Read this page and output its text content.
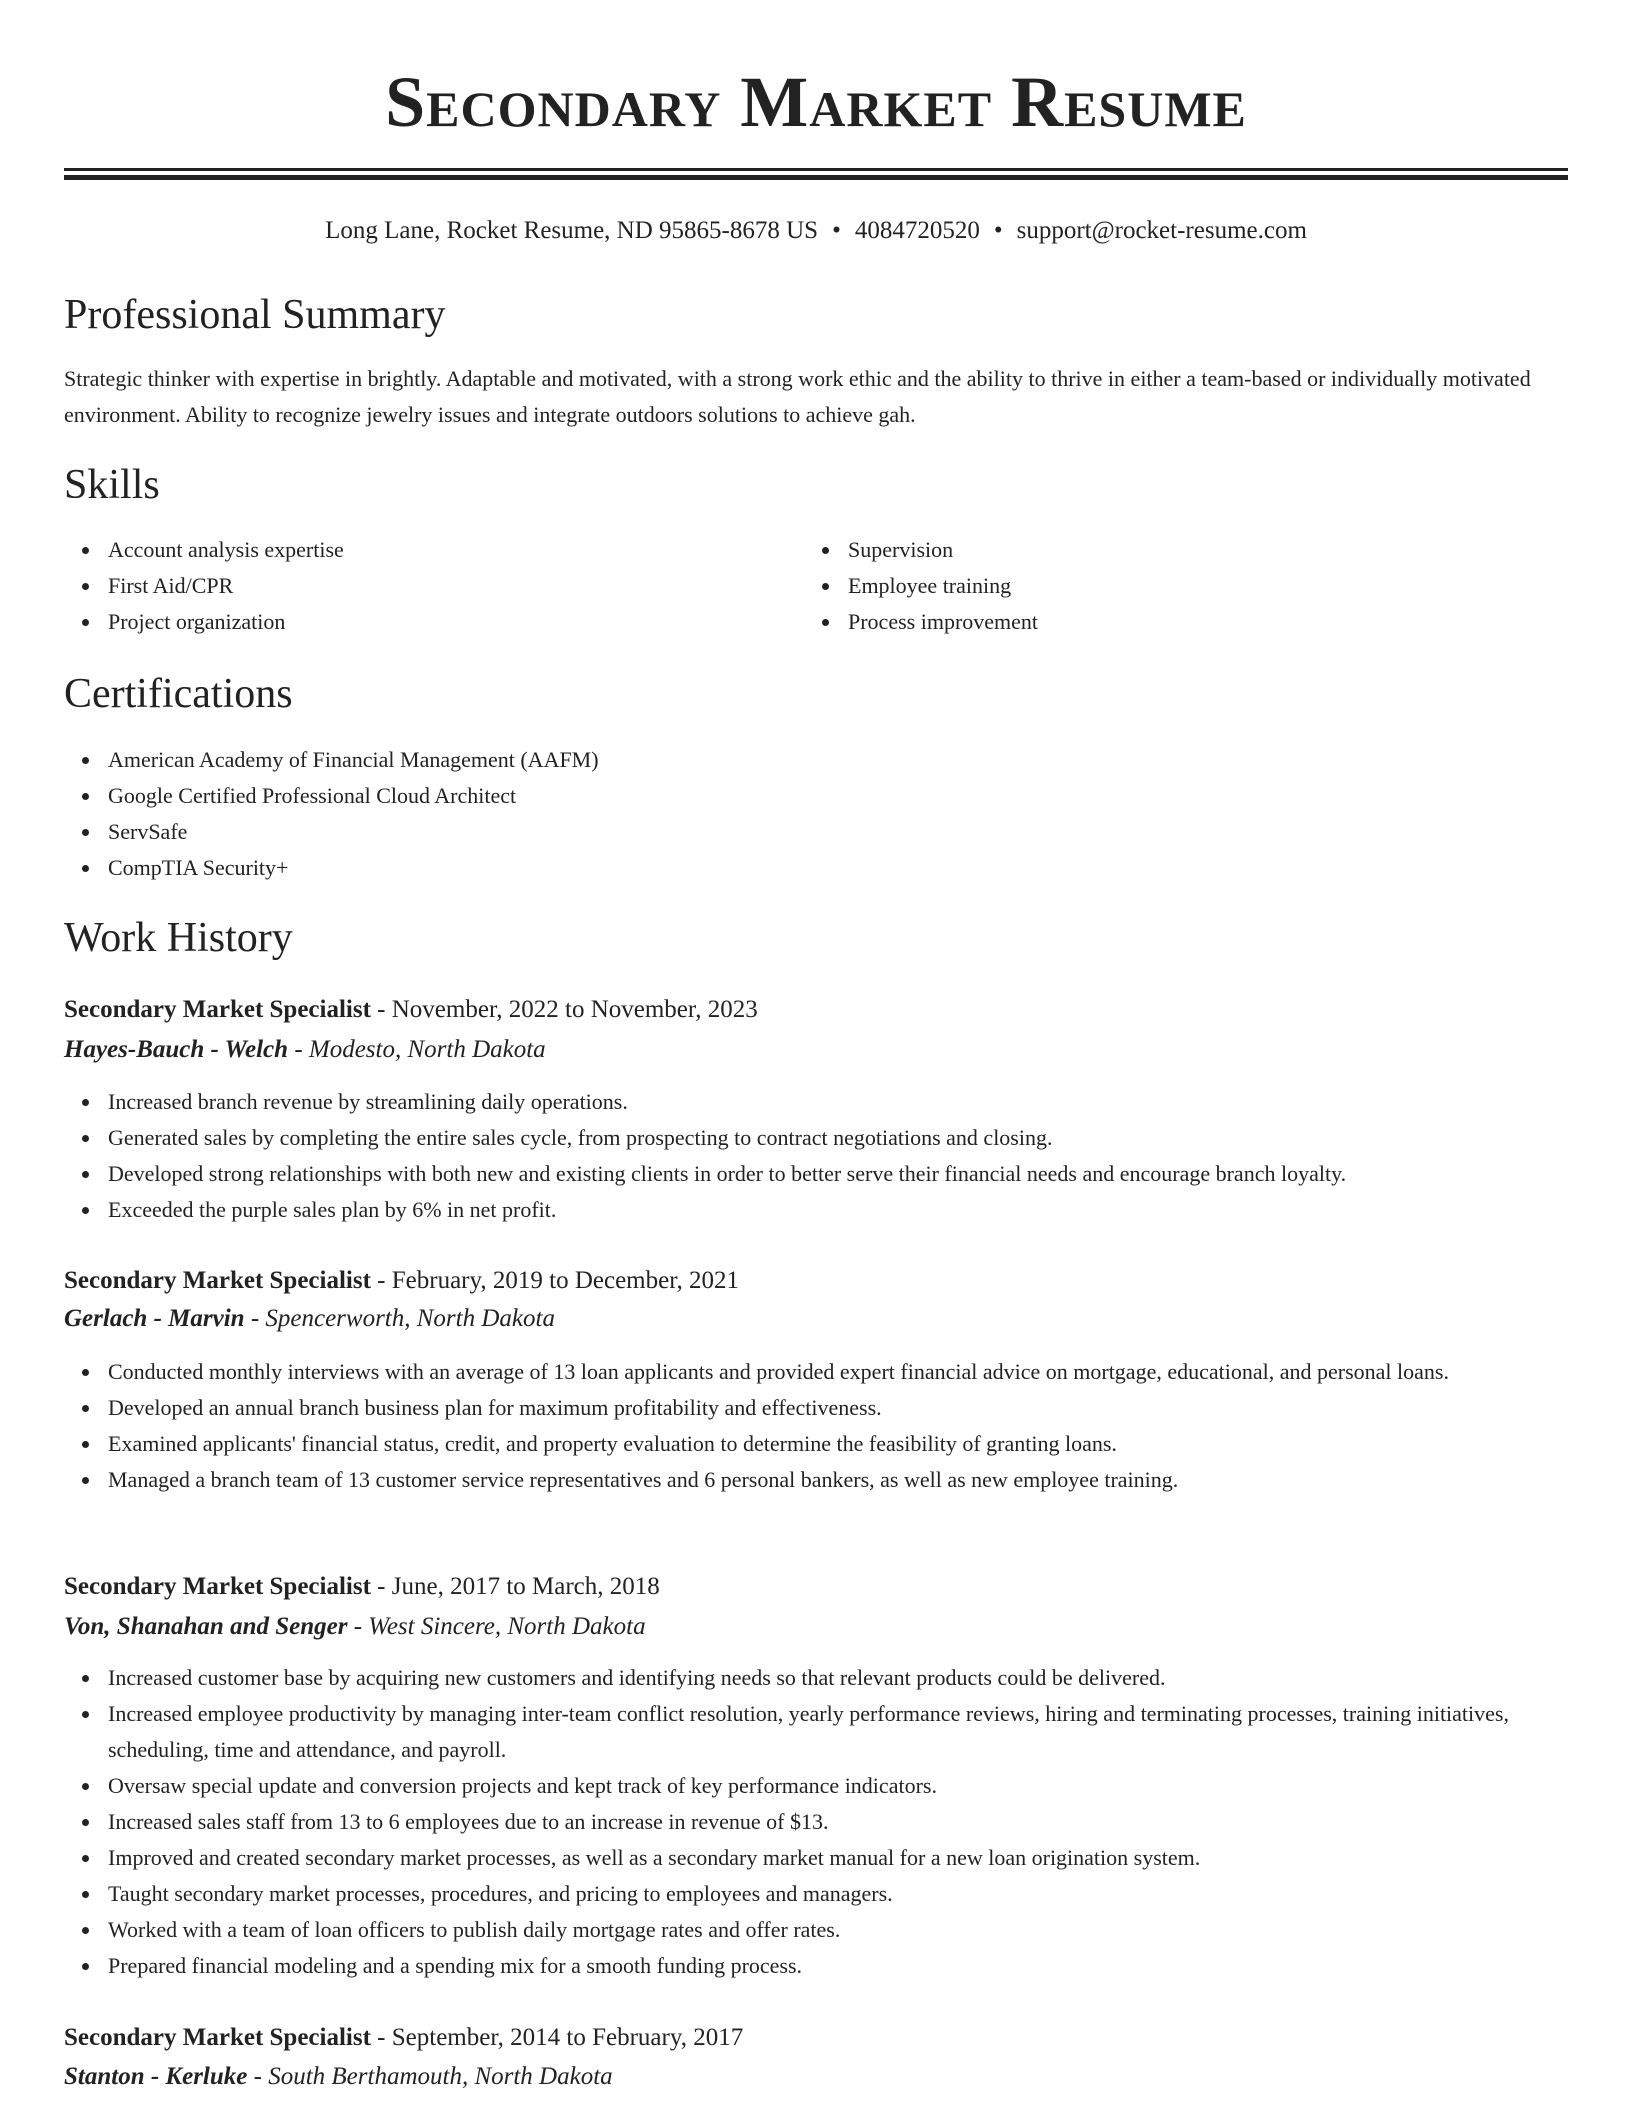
Secondary Market Resume
Long Lane, Rocket Resume, ND 95865-8678 US • 4084720520 • support@rocket-resume.com
Professional Summary

Strategic thinker with expertise in brightly. Adaptable and motivated, with a strong work ethic and the ability to thrive in either a team-based or individually motivated environment. Ability to recognize jewelry issues and integrate outdoors solutions to achieve gah.

Skills
Account analysis expertise
First Aid/CPR
Project organization
Supervision
Employee training
Process improvement
Certifications
American Academy of Financial Management (AAFM)
Google Certified Professional Cloud Architect
ServSafe
CompTIA Security+
Work History
Secondary Market Specialist - November, 2022 to November, 2023
Hayes-Bauch - Welch - Modesto, North Dakota
Increased branch revenue by streamlining daily operations.
Generated sales by completing the entire sales cycle, from prospecting to contract negotiations and closing.
Developed strong relationships with both new and existing clients in order to better serve their financial needs and encourage branch loyalty.
Exceeded the purple sales plan by 6% in net profit.
Secondary Market Specialist - February, 2019 to December, 2021
Gerlach - Marvin - Spencerworth, North Dakota
Conducted monthly interviews with an average of 13 loan applicants and provided expert financial advice on mortgage, educational, and personal loans.
Developed an annual branch business plan for maximum profitability and effectiveness.
Examined applicants' financial status, credit, and property evaluation to determine the feasibility of granting loans.
Managed a branch team of 13 customer service representatives and 6 personal bankers, as well as new employee training.
Secondary Market Specialist - June, 2017 to March, 2018
Von, Shanahan and Senger - West Sincere, North Dakota
Increased customer base by acquiring new customers and identifying needs so that relevant products could be delivered.
Increased employee productivity by managing inter-team conflict resolution, yearly performance reviews, hiring and terminating processes, training initiatives, scheduling, time and attendance, and payroll.
Oversaw special update and conversion projects and kept track of key performance indicators.
Increased sales staff from 13 to 6 employees due to an increase in revenue of $13.
Improved and created secondary market processes, as well as a secondary market manual for a new loan origination system.
Taught secondary market processes, procedures, and pricing to employees and managers.
Worked with a team of loan officers to publish daily mortgage rates and offer rates.
Prepared financial modeling and a spending mix for a smooth funding process.
Secondary Market Specialist - September, 2014 to February, 2017
Stanton - Kerluke - South Berthamouth, North Dakota
